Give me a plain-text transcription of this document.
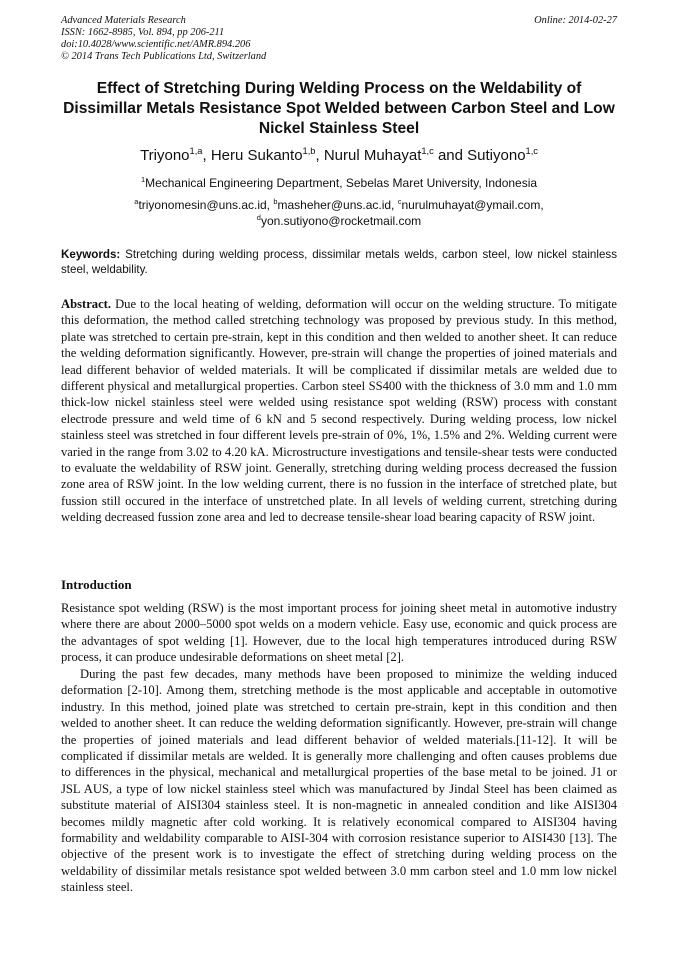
Advanced Materials Research
ISSN: 1662-8985, Vol. 894, pp 206-211
doi:10.4028/www.scientific.net/AMR.894.206
© 2014 Trans Tech Publications Ltd, Switzerland
Online: 2014-02-27
Effect of Stretching During Welding Process on the Weldability of Dissimillar Metals Resistance Spot Welded between Carbon Steel and Low Nickel Stainless Steel
Triyono$^{1,a}$, Heru Sukanto$^{1,b}$, Nurul Muhayat$^{1,c}$ and Sutiyono$^{1,c}$
$^1$Mechanical Engineering Department, Sebelas Maret University, Indonesia
$^a$triyonomesin@uns.ac.id, $^b$masheher@uns.ac.id, $^c$nurulmuhayat@ymail.com,
$^d$yon.sutiyono@rocketmail.com
Keywords: Stretching during welding process, dissimilar metals welds, carbon steel, low nickel stainless steel, weldability.

Abstract. Due to the local heating of welding, deformation will occur on the welding structure. To mitigate this deformation, the method called stretching technology was proposed by previous study. In this method, plate was stretched to certain pre-strain, kept in this condition and then welded to another sheet. It can reduce the welding deformation significantly. However, pre-strain will change the properties of joined materials and lead different behavior of welded materials. It will be complicated if dissimilar metals are welded due to different physical and metallurgical properties. Carbon steel SS400 with the thickness of 3.0 mm and 1.0 mm thick-low nickel stainless steel were welded using resistance spot welding (RSW) process with constant electrode pressure and weld time of 6 kN and 5 second respectively. During welding process, low nickel stainless steel was stretched in four different levels pre-strain of 0%, 1%, 1.5% and 2%. Welding current were varied in the range from 3.02 to 4.20 kA. Microstructure investigations and tensile-shear tests were conducted to evaluate the weldability of RSW joint. Generally, stretching during welding process decreased the fussion zone area of RSW joint. In the low welding current, there is no fussion in the interface of stretched plate, but fussion still occured in the interface of unstretched plate. In all levels of welding current, stretching during welding decreased fussion zone area and led to decrease tensile-shear load bearing capacity of RSW joint.

Introduction

Resistance spot welding (RSW) is the most important process for joining sheet metal in automotive industry where there are about 2000–5000 spot welds on a modern vehicle. Easy use, economic and quick process are the advantages of spot welding [1]. However, due to the local high temperatures introduced during RSW process, it can produce undesirable deformations on sheet metal [2].

During the past few decades, many methods have been proposed to minimize the welding induced deformation [2-10]. Among them, stretching methode is the most applicable and acceptable in outomotive industry. In this method, joined plate was stretched to certain pre-strain, kept in this condition and then welded to another sheet. It can reduce the welding deformation significantly. However, pre-strain will change the properties of joined materials and lead different behavior of welded materials.[11-12]. It will be complicated if dissimilar metals are welded. It is generally more challenging and often causes problems due to differences in the physical, mechanical and metallurgical properties of the base metal to be joined. J1 or JSL AUS, a type of low nickel stainless steel which was manufactured by Jindal Steel has been claimed as substitute material of AISI304 stainless steel. It is non-magnetic in annealed condition and like AISI304 becomes mildly magnetic after cold working. It is relatively economical compared to AISI304 having formability and weldability comparable to AISI-304 with corrosion resistance superior to AISI430 [13]. The objective of the present work is to investigate the effect of stretching during welding process on the weldability of dissimilar metals resistance spot welded between 3.0 mm carbon steel and 1.0 mm low nickel stainless steel.
